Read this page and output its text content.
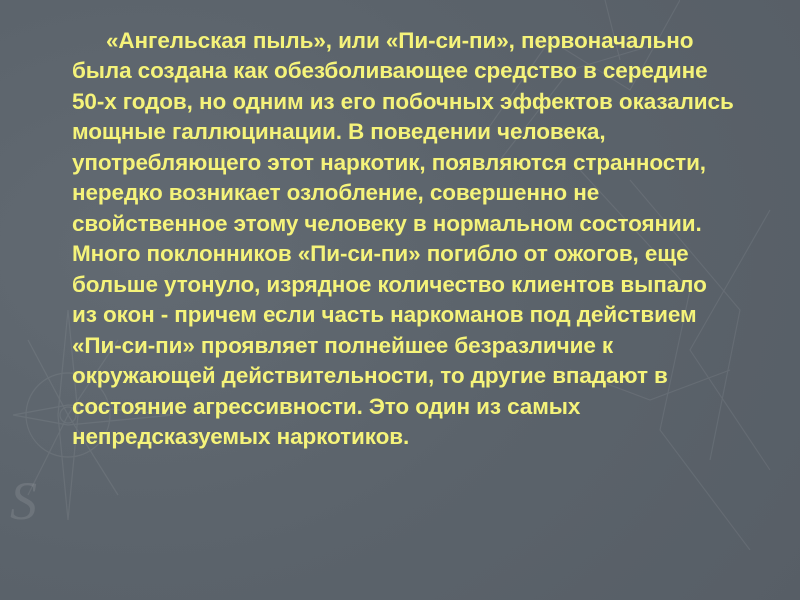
S
«Ангельская пыль», или «Пи-си-пи», первоначально была создана как обезболивающее средство в середине 50-х годов, но одним из его побочных эффектов оказались мощные галлюцинации. В поведении человека, употребляющего этот наркотик, появляются странности, нередко возникает озлобление, совершенно не свойственное этому человеку в нормальном состоянии. Много поклонников «Пи-си-пи» погибло от ожогов, еще больше утонуло, изрядное количество клиентов выпало из окон - причем если часть наркоманов под действием «Пи-си-пи» проявляет полнейшее безразличие к окружающей действительности, то другие впадают в состояние агрессивности. Это один из самых непредсказуемых наркотиков.
